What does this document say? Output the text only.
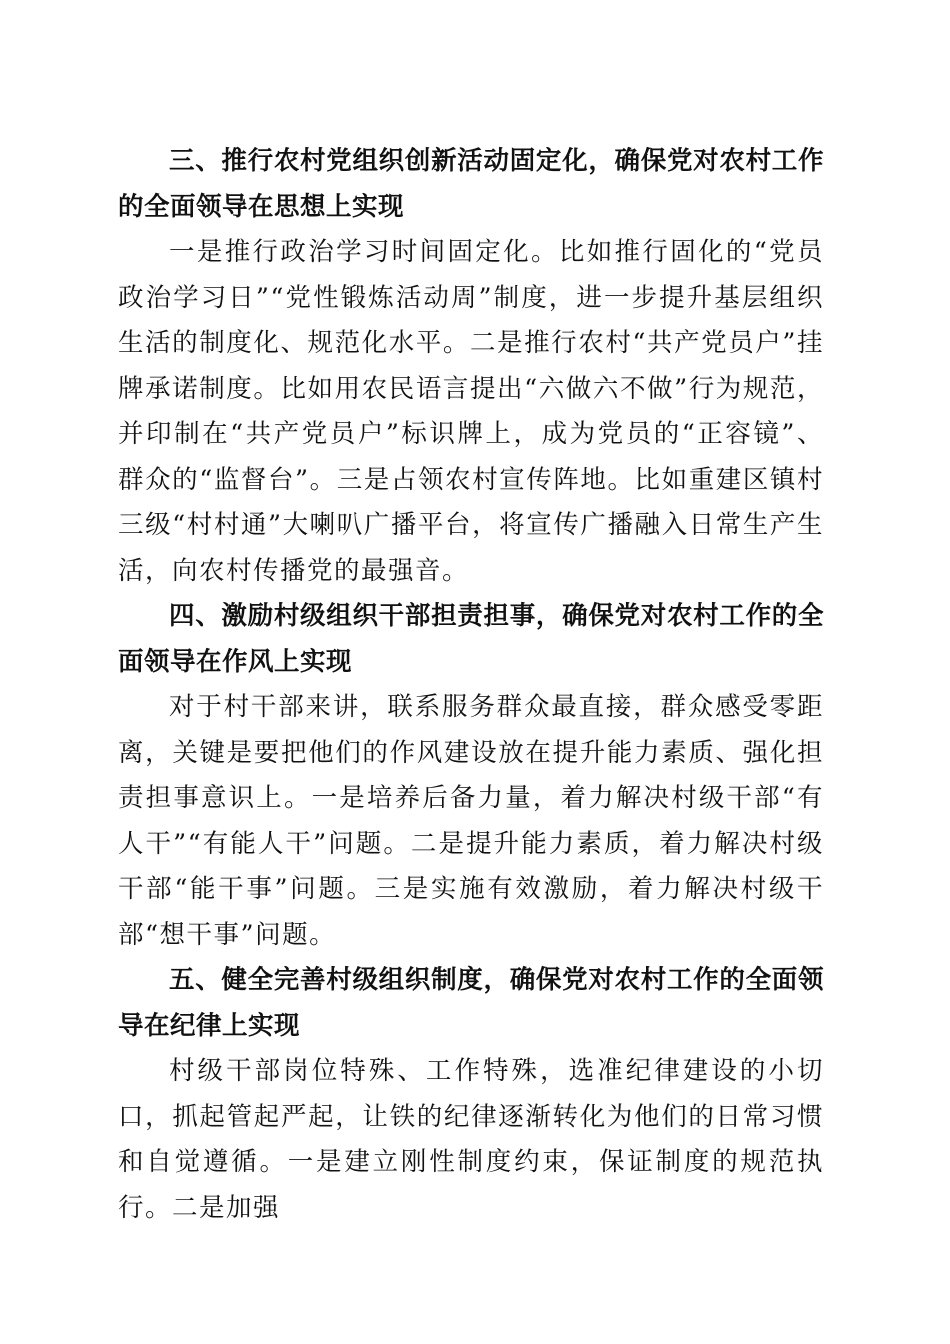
三、推行农村党组织创新活动固定化，确保党对农村工作的全面领导在思想上实现

一是推行政治学习时间固定化。比如推行固化的“党员政治学习日”“党性锻炼活动周”制度，进一步提升基层组织生活的制度化、规范化水平。二是推行农村“共产党员户”挂牌承诺制度。比如用农民语言提出“六做六不做”行为规范，并印制在“共产党员户”标识牌上，成为党员的“正容镜”、群众的“监督台”。三是占领农村宣传阵地。比如重建区镇村三级“村村通”大喇叭广播平台，将宣传广播融入日常生产生活，向农村传播党的最强音。

四、激励村级组织干部担责担事，确保党对农村工作的全面领导在作风上实现

对于村干部来讲，联系服务群众最直接，群众感受零距离，关键是要把他们的作风建设放在提升能力素质、强化担责担事意识上。一是培养后备力量，着力解决村级干部“有人干”“有能人干”问题。二是提升能力素质，着力解决村级干部“能干事”问题。三是实施有效激励，着力解决村级干部“想干事”问题。

五、健全完善村级组织制度，确保党对农村工作的全面领导在纪律上实现

村级干部岗位特殊、工作特殊，选准纪律建设的小切口，抓起管起严起，让铁的纪律逐渐转化为他们的日常习惯和自觉遵循。一是建立刚性制度约束，保证制度的规范执行。二是加强
